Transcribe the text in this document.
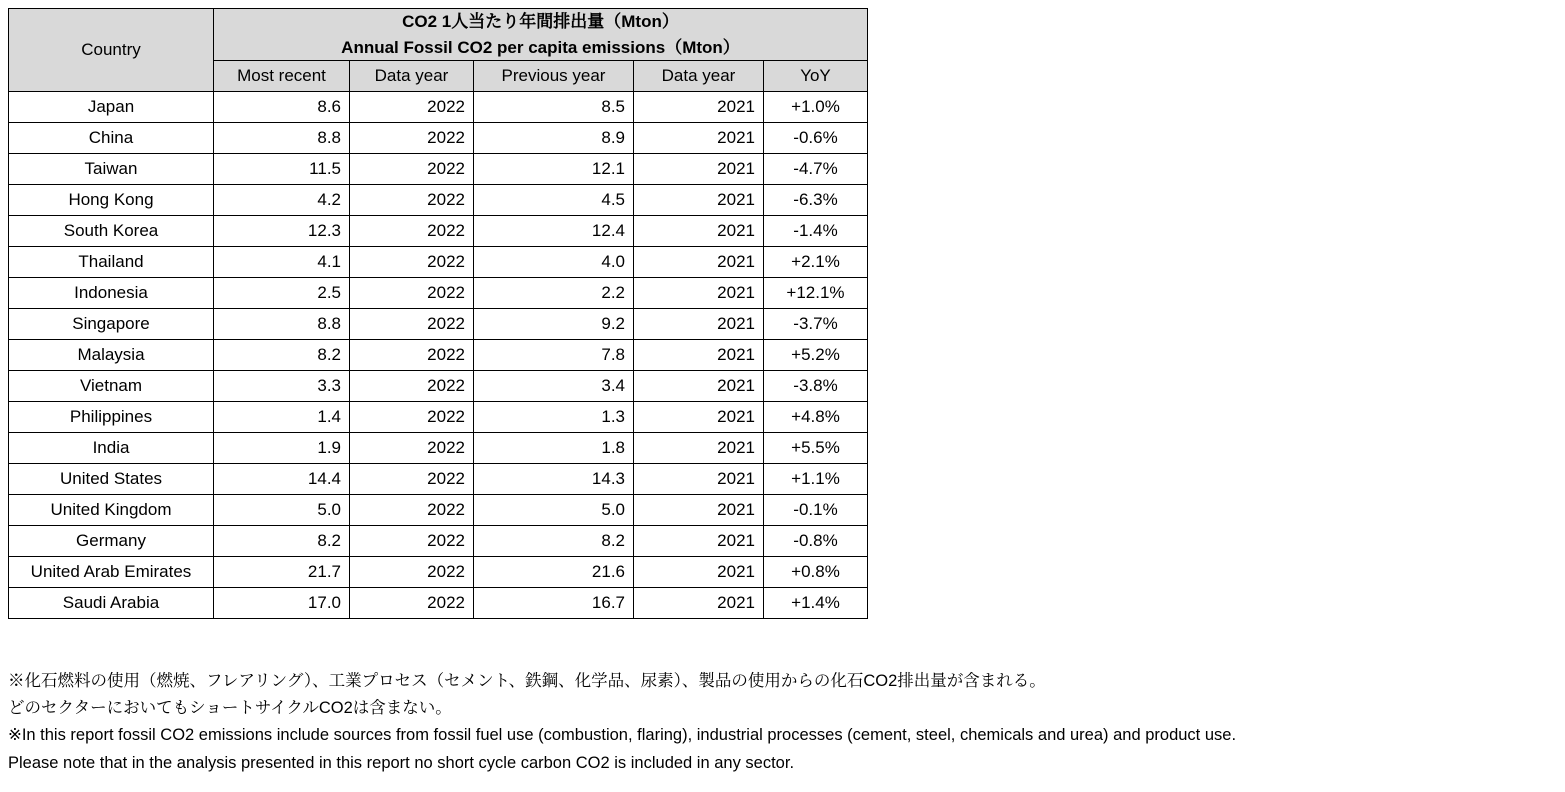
Country	CO2 1人当たり年間排出量（Mton）
Annual Fossil CO2 per capita emissions（Mton）				

	Most recent	Data year	Previous year	Data year	YoY
Japan	8.6	2022	8.5	2021	+1.0%
China	8.8	2022	8.9	2021	-0.6%
Taiwan	11.5	2022	12.1	2021	-4.7%
Hong Kong	4.2	2022	4.5	2021	-6.3%
South Korea	12.3	2022	12.4	2021	-1.4%
Thailand	4.1	2022	4.0	2021	+2.1%
Indonesia	2.5	2022	2.2	2021	+12.1%
Singapore	8.8	2022	9.2	2021	-3.7%
Malaysia	8.2	2022	7.8	2021	+5.2%
Vietnam	3.3	2022	3.4	2021	-3.8%
Philippines	1.4	2022	1.3	2021	+4.8%
India	1.9	2022	1.8	2021	+5.5%
United States	14.4	2022	14.3	2021	+1.1%
United Kingdom	5.0	2022	5.0	2021	-0.1%
Germany	8.2	2022	8.2	2021	-0.8%
United Arab Emirates	21.7	2022	21.6	2021	+0.8%
Saudi Arabia	17.0	2022	16.7	2021	+1.4%
※化石燃料の使用（燃焼、フレアリング）、工業プロセス（セメント、鉄鋼、化学品、尿素）、製品の使用からの化石CO2排出量が含まれる。
どのセクターにおいてもショートサイクルCO2は含まない。
※In this report fossil CO2 emissions include sources from fossil fuel use (combustion, flaring), industrial processes (cement, steel, chemicals and urea) and product use.
Please note that in the analysis presented in this report no short cycle carbon CO2 is included in any sector.
